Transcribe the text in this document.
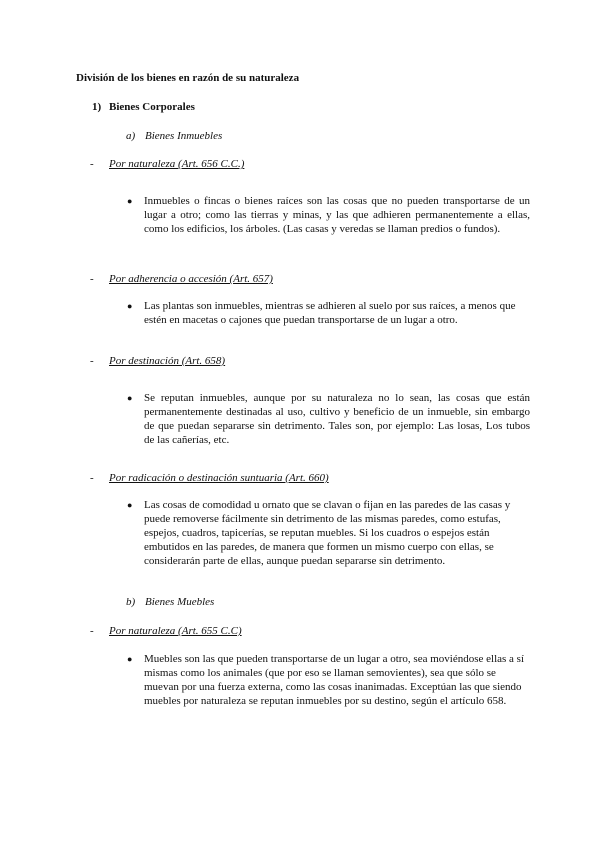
División de los bienes en razón de su naturaleza

1) Bienes Corporales

a) Bienes Inmuebles

- Por naturaleza (Art. 656 C.C.)

● Inmuebles o fincas o bienes raíces son las cosas que no pueden transportarse de un lugar a otro; como las tierras y minas, y las que adhieren permanentemente a ellas, como los edificios, los árboles. (Las casas y veredas se llaman predios o fundos).

- Por adherencia o accesión (Art. 657)

● Las plantas son inmuebles, mientras se adhieren al suelo por sus raíces, a menos que estén en macetas o cajones que puedan transportarse de un lugar a otro.

- Por destinación (Art. 658)

● Se reputan inmuebles, aunque por su naturaleza no lo sean, las cosas que están permanentemente destinadas al uso, cultivo y beneficio de un inmueble, sin embargo de que puedan separarse sin detrimento. Tales son, por ejemplo: Las losas, Los tubos de las cañerías, etc.

- Por radicación o destinación suntuaria (Art. 660)

● Las cosas de comodidad u ornato que se clavan o fijan en las paredes de las casas y puede removerse fácilmente sin detrimento de las mismas paredes, como estufas, espejos, cuadros, tapicerías, se reputan muebles. Si los cuadros o espejos están embutidos en las paredes, de manera que formen un mismo cuerpo con ellas, se considerarán parte de ellas, aunque puedan separarse sin detrimento.

b) Bienes Muebles

- Por naturaleza (Art. 655 C.C)

● Muebles son las que pueden transportarse de un lugar a otro, sea moviéndose ellas a sí mismas como los animales (que por eso se llaman semovientes), sea que sólo se muevan por una fuerza externa, como las cosas inanimadas. Exceptúan las que siendo muebles por naturaleza se reputan inmuebles por su destino, según el artículo 658.
